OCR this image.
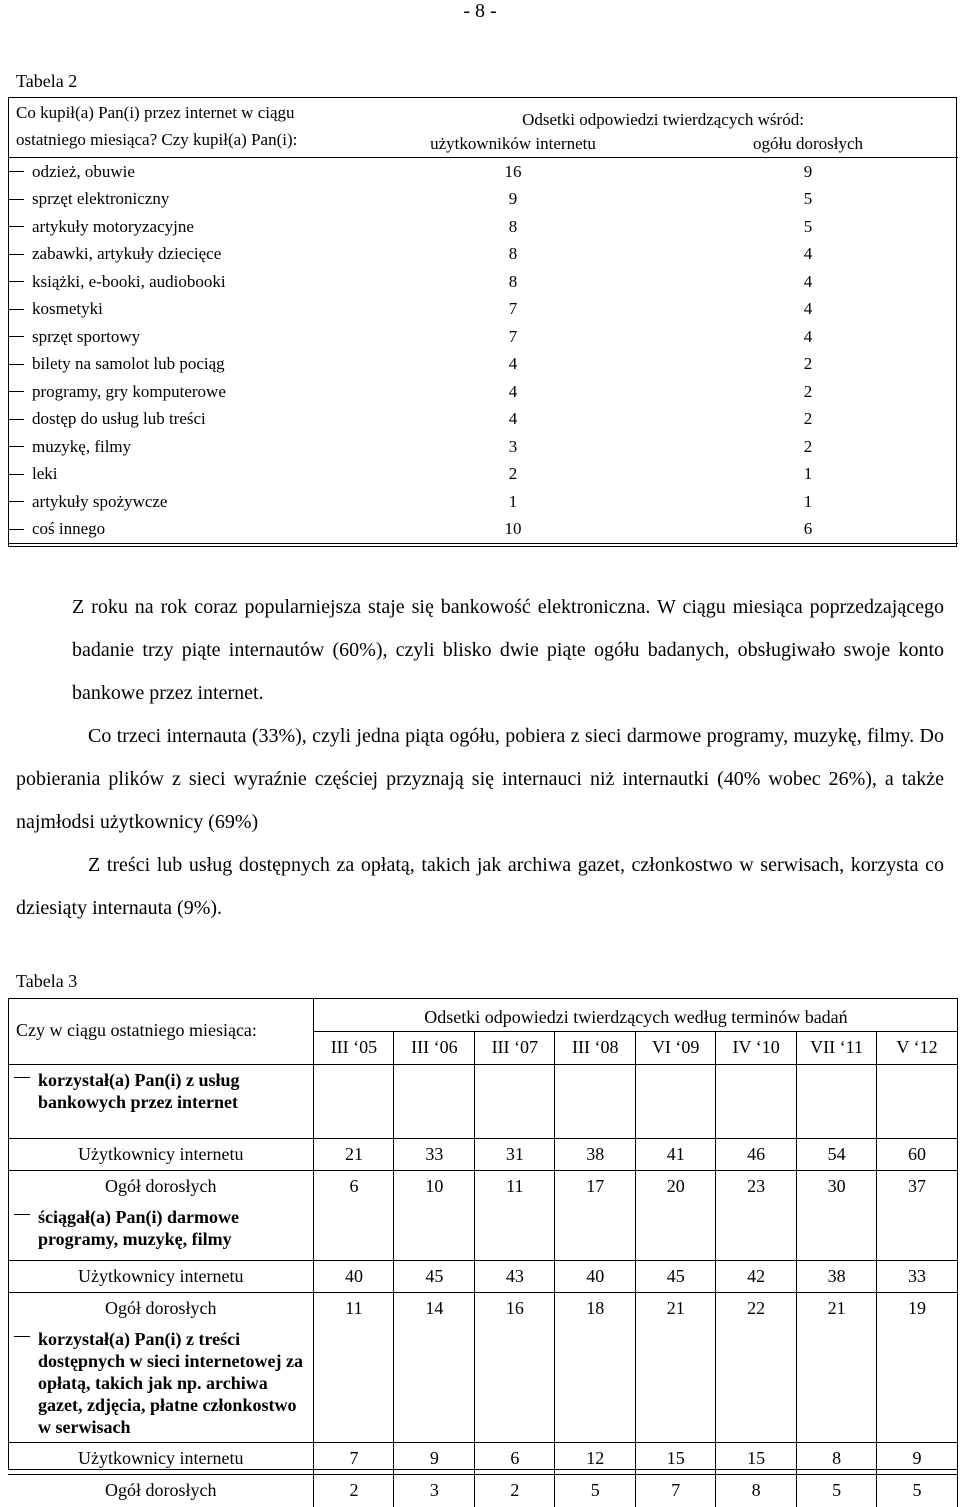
- 8 -
Tabela 2
Co kupił(a) Pan(i) przez internet w ciągu ostatniego miesiąca? Czy kupił(a) Pan(i):	Odsetki odpowiedzi twierdzących wśród:	
	użytkowników internetu	ogółu dorosłych
odzież, obuwie	16	9
sprzęt elektroniczny	9	5
artykuły motoryzacyjne	8	5
zabawki, artykuły dziecięce	8	4
książki, e-booki, audiobooki	8	4
kosmetyki	7	4
sprzęt sportowy	7	4
bilety na samolot lub pociąg	4	2
programy, gry komputerowe	4	2
dostęp do usług lub treści	4	2
muzykę, filmy	3	2
leki	2	1
artykuły spożywcze	1	1
coś innego	10	6

Z roku na rok coraz popularniejsza staje się bankowość elektroniczna. W ciągu miesiąca poprzedzającego badanie trzy piąte internautów (60%), czyli blisko dwie piąte ogółu badanych, obsługiwało swoje konto bankowe przez internet.

Co trzeci internauta (33%), czyli jedna piąta ogółu, pobiera z sieci darmowe programy, muzykę, filmy. Do pobierania plików z sieci wyraźnie częściej przyznają się internauci niż internautki (40% wobec 26%), a także najmłodsi użytkownicy (69%)

Z treści lub usług dostępnych za opłatą, takich jak archiwa gazet, członkostwo w serwisach, korzysta co dziesiąty internauta (9%).

Tabela 3
Czy w ciągu ostatniego miesiąca:	Odsetki odpowiedzi twierdzących według terminów badań							
	III ‘05	III ‘06	III ‘07	III ‘08	VI ‘09	IV ‘10	VII ‘11	V ‘12
korzystał(a) Pan(i) z usług bankowych przez internet								
Użytkownicy internetu	21	33	31	38	41	46	54	60
Ogół dorosłych	6	10	11	17	20	23	30	37
ściągał(a) Pan(i) darmowe programy, muzykę, filmy								
Użytkownicy internetu	40	45	43	40	45	42	38	33
Ogół dorosłych	11	14	16	18	21	22	21	19
korzystał(a) Pan(i) z treści dostępnych w sieci internetowej za opłatą, takich jak np. archiwa gazet, zdjęcia, płatne członkostwo w serwisach								
Użytkownicy internetu	7	9	6	12	15	15	8	9
Ogół dorosłych	2	3	2	5	7	8	5	5
